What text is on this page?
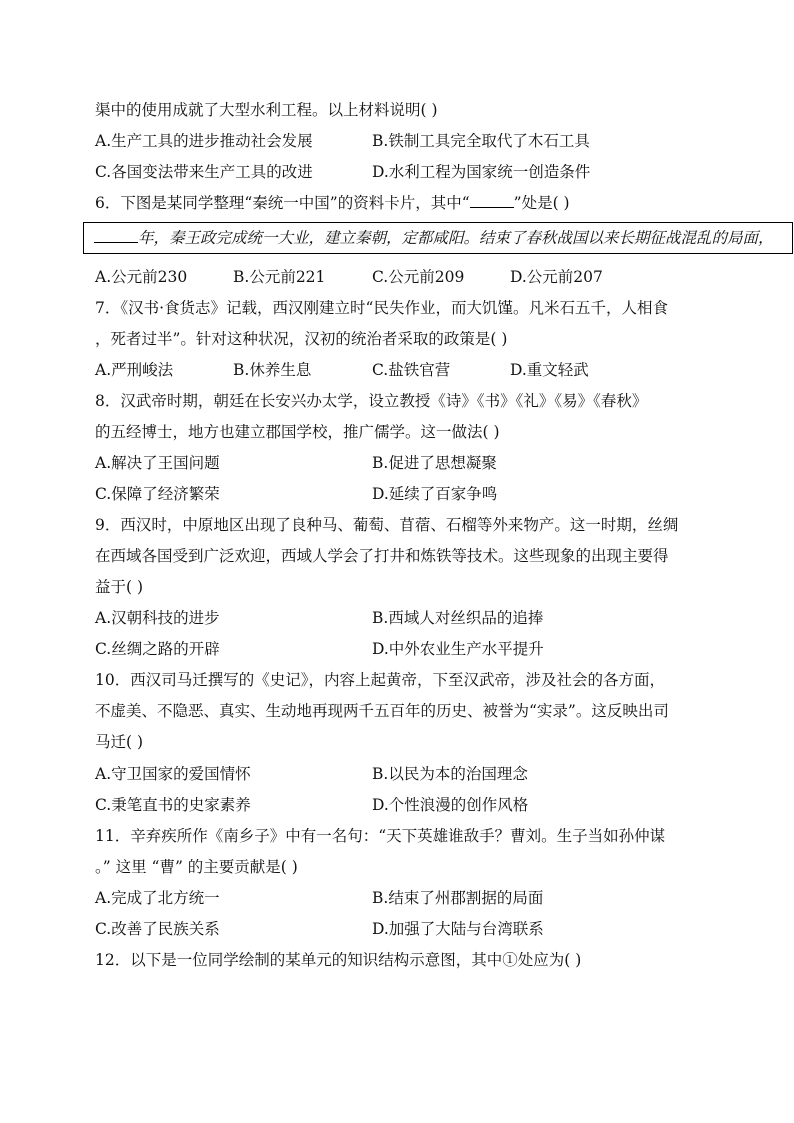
渠中的使用成就了大型水利工程。以上材料说明( )
A.生产工具的进步推动社会发展	B.铁制工具完全取代了木石工具
C.各国变法带来生产工具的改进	D.水利工程为国家统一创造条件
6．下图是某同学整理“秦统一中国”的资料卡片，其中“	”处是( )
年，秦王政完成统一大业，建立秦朝，定都咸阳。结束了春秋战国以来长期征战混乱的局面，
A.公元前230	B.公元前221	C.公元前209	D.公元前207
7．《汉书·食货志》记载，西汉刚建立时“民失作业，而大饥馑。凡米石五千，人相食
，死者过半”。针对这种状况，汉初的统治者采取的政策是( )
A.严刑峻法	B.休养生息	C.盐铁官营	D.重文轻武
8．汉武帝时期，朝廷在长安兴办太学，设立教授《诗》《书》《礼》《易》《春秋》
的五经博士，地方也建立郡国学校，推广儒学。这一做法( )
A.解决了王国问题	B.促进了思想凝聚
C.保障了经济繁荣	D.延续了百家争鸣
9．西汉时，中原地区出现了良种马、葡萄、苜蓿、石榴等外来物产。这一时期，丝绸
在西域各国受到广泛欢迎，西域人学会了打井和炼铁等技术。这些现象的出现主要得
益于( )
A.汉朝科技的进步	B.西域人对丝织品的追捧
C.丝绸之路的开辟	D.中外农业生产水平提升
10．西汉司马迁撰写的《史记》，内容上起黄帝，下至汉武帝，涉及社会的各方面，
不虚美、不隐恶、真实、生动地再现两千五百年的历史、被誉为“实录”。这反映出司
马迁( )
A.守卫国家的爱国情怀	B.以民为本的治国理念
C.秉笔直书的史家素养	D.个性浪漫的创作风格
11．辛弃疾所作《南乡子》中有一名句：“天下英雄谁敌手？曹刘。生子当如孙仲谋
。” 这里 “曹” 的主要贡献是( )
A.完成了北方统一	B.结束了州郡割据的局面
C.改善了民族关系	D.加强了大陆与台湾联系
12．以下是一位同学绘制的某单元的知识结构示意图，其中①处应为( )
